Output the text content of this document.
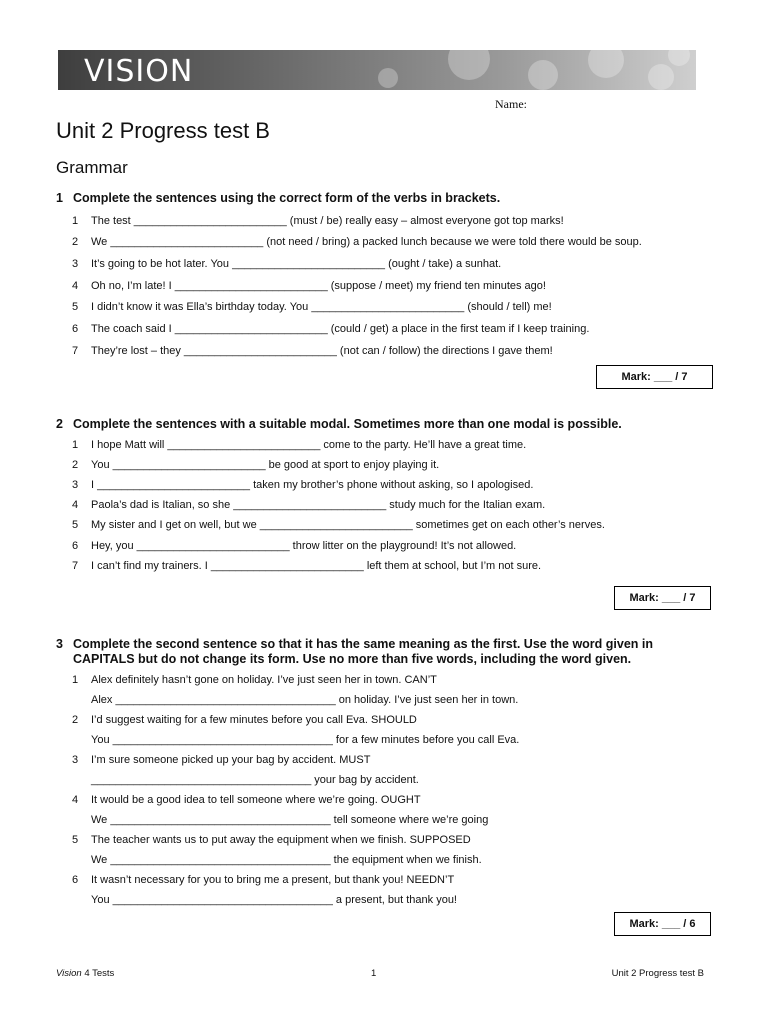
VISION
Name:
Unit 2 Progress test B
Grammar
1 Complete the sentences using the correct form of the verbs in brackets.
1	The test _________________________ (must / be) really easy – almost everyone got top marks!
2	We _________________________ (not need / bring) a packed lunch because we were told there would be soup.
3	It’s going to be hot later. You _________________________ (ought / take) a sunhat.
4	Oh no, I’m late! I _________________________ (suppose / meet) my friend ten minutes ago!
5	I didn’t know it was Ella’s birthday today. You _________________________ (should / tell) me!
6	The coach said I _________________________ (could / get) a place in the first team if I keep training.
7	They’re lost – they _________________________ (not can / follow) the directions I gave them!
Mark: ___ / 7
2 Complete the sentences with a suitable modal. Sometimes more than one modal is possible.
1	I hope Matt will _________________________ come to the party. He’ll have a great time.
2	You _________________________ be good at sport to enjoy playing it.
3	I _________________________ taken my brother’s phone without asking, so I apologised.
4	Paola’s dad is Italian, so she _________________________ study much for the Italian exam.
5	My sister and I get on well, but we _________________________ sometimes get on each other’s nerves.
6	Hey, you _________________________ throw litter on the playground! It’s not allowed.
7	I can’t find my trainers. I _________________________ left them at school, but I’m not sure.
Mark: ___ / 7
3 Complete the second sentence so that it has the same meaning as the first. Use the word given in CAPITALS but do not change its form. Use no more than five words, including the word given.
1	Alex definitely hasn’t gone on holiday. I’ve just seen her in town. CAN’T
Alex ____________________________________ on holiday. I’ve just seen her in town.
2	I’d suggest waiting for a few minutes before you call Eva. SHOULD
You ____________________________________ for a few minutes before you call Eva.
3	I’m sure someone picked up your bag by accident. MUST
____________________________________ your bag by accident.
4	It would be a good idea to tell someone where we’re going. OUGHT
We ____________________________________ tell someone where we’re going
5	The teacher wants us to put away the equipment when we finish. SUPPOSED
We ____________________________________ the equipment when we finish.
6	It wasn’t necessary for you to bring me a present, but thank you! NEEDN’T
You ____________________________________ a present, but thank you!
Mark: ___ / 6
Vision 4 Tests	1	Unit 2 Progress test B
